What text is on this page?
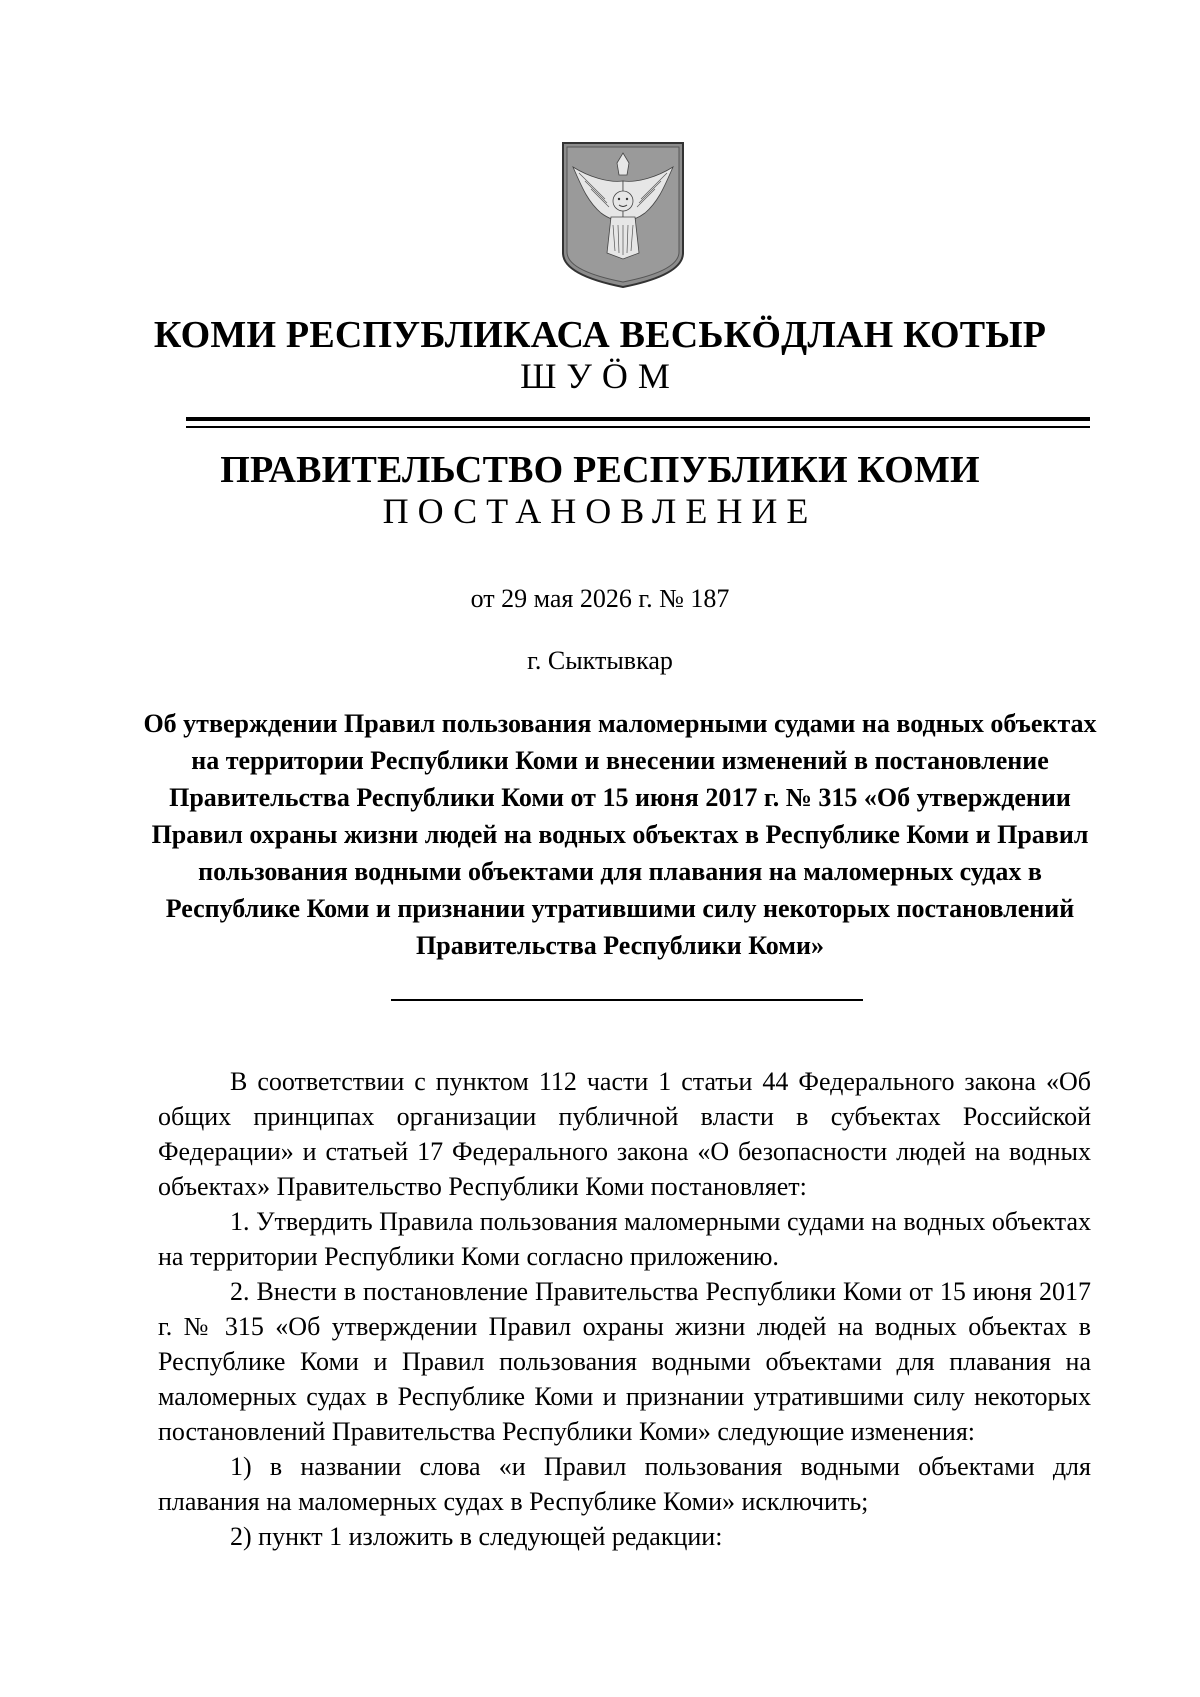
КОМИ РЕСПУБЛИКАСА ВЕСЬКӦДЛАН КОТЫР
ШУӦМ
ПРАВИТЕЛЬСТВО РЕСПУБЛИКИ КОМИ
ПОСТАНОВЛЕНИЕ
от 29 мая 2026 г. № 187
г. Сыктывкар
Об утверждении Правил пользования маломерными судами на водных объектах на территории Республики Коми и внесении изменений в постановление Правительства Республики Коми от 15 июня 2017 г. № 315 «Об утверждении Правил охраны жизни людей на водных объектах в Республике Коми и Правил пользования водными объектами для плавания на маломерных судах в Республике Коми и признании утратившими силу некоторых постановлений Правительства Республики Коми»

В соответствии с пунктом 112 части 1 статьи 44 Федерального закона «Об общих принципах организации публичной власти в субъектах Российской Федерации» и статьей 17 Федерального закона «О безопасности людей на водных объектах» Правительство Республики Коми постановляет:

1. Утвердить Правила пользования маломерными судами на водных объектах на территории Республики Коми согласно приложению.

2. Внести в постановление Правительства Республики Коми от 15 июня 2017 г. № 315 «Об утверждении Правил охраны жизни людей на водных объектах в Республике Коми и Правил пользования водными объектами для плавания на маломерных судах в Республике Коми и признании утратившими силу некоторых постановлений Правительства Республики Коми» следующие изменения:

1) в названии слова «и Правил пользования водными объектами для плавания на маломерных судах в Республике Коми» исключить;

2) пункт 1 изложить в следующей редакции:
